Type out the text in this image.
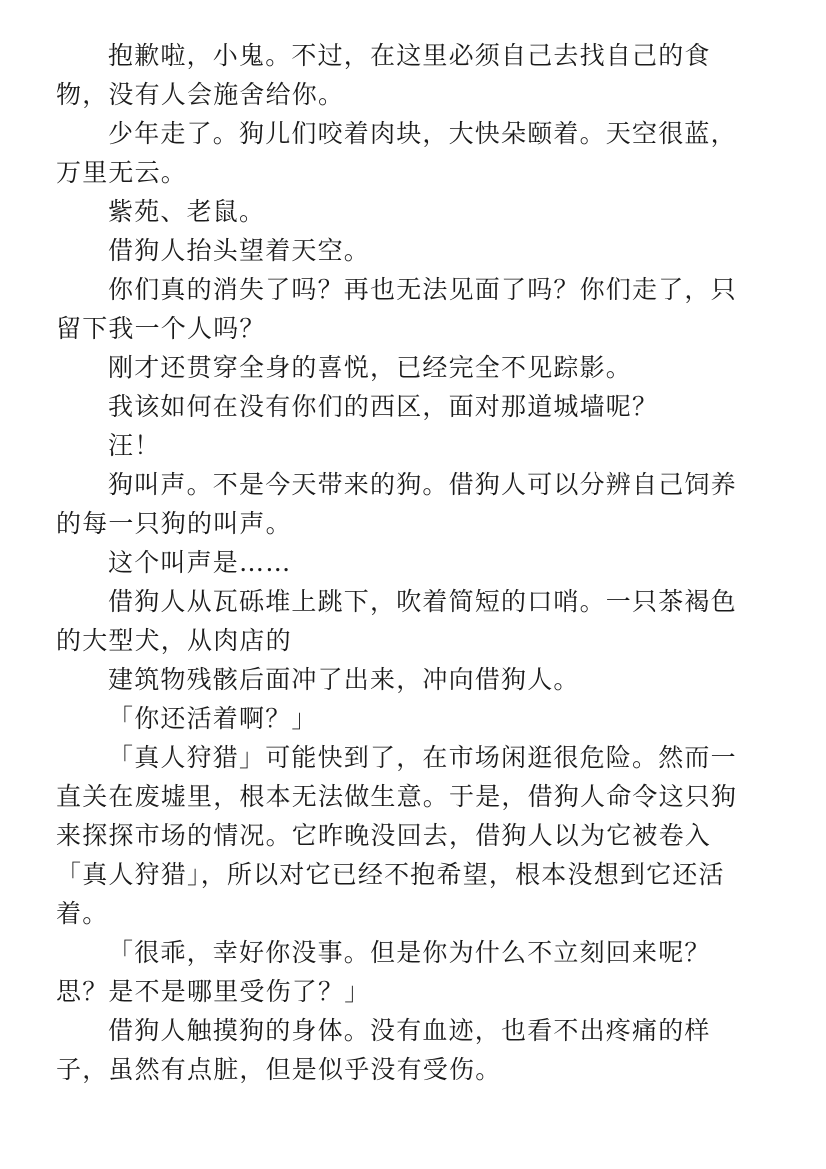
抱歉啦，小鬼。不过，在这里必须自己去找自己的食物，没有人会施舍给你。

少年走了。狗儿们咬着肉块，大快朵颐着。天空很蓝，万里无云。

紫苑、老鼠。

借狗人抬头望着天空。

你们真的消失了吗？再也无法见面了吗？你们走了，只留下我一个人吗？

刚才还贯穿全身的喜悦，已经完全不见踪影。

我该如何在没有你们的西区，面对那道城墙呢？

汪！

狗叫声。不是今天带来的狗。借狗人可以分辨自己饲养的每一只狗的叫声。

这个叫声是……

借狗人从瓦砾堆上跳下，吹着简短的口哨。一只茶褐色的大型犬，从肉店的

建筑物残骸后面冲了出来，冲向借狗人。

「你还活着啊？」

「真人狩猎」可能快到了，在市场闲逛很危险。然而一直关在废墟里，根本无法做生意。于是，借狗人命令这只狗来探探市场的情况。它昨晚没回去，借狗人以为它被卷入「真人狩猎」，所以对它已经不抱希望，根本没想到它还活着。

「很乖，幸好你没事。但是你为什么不立刻回来呢？思？是不是哪里受伤了？」

借狗人触摸狗的身体。没有血迹，也看不出疼痛的样子，虽然有点脏，但是似乎没有受伤。
